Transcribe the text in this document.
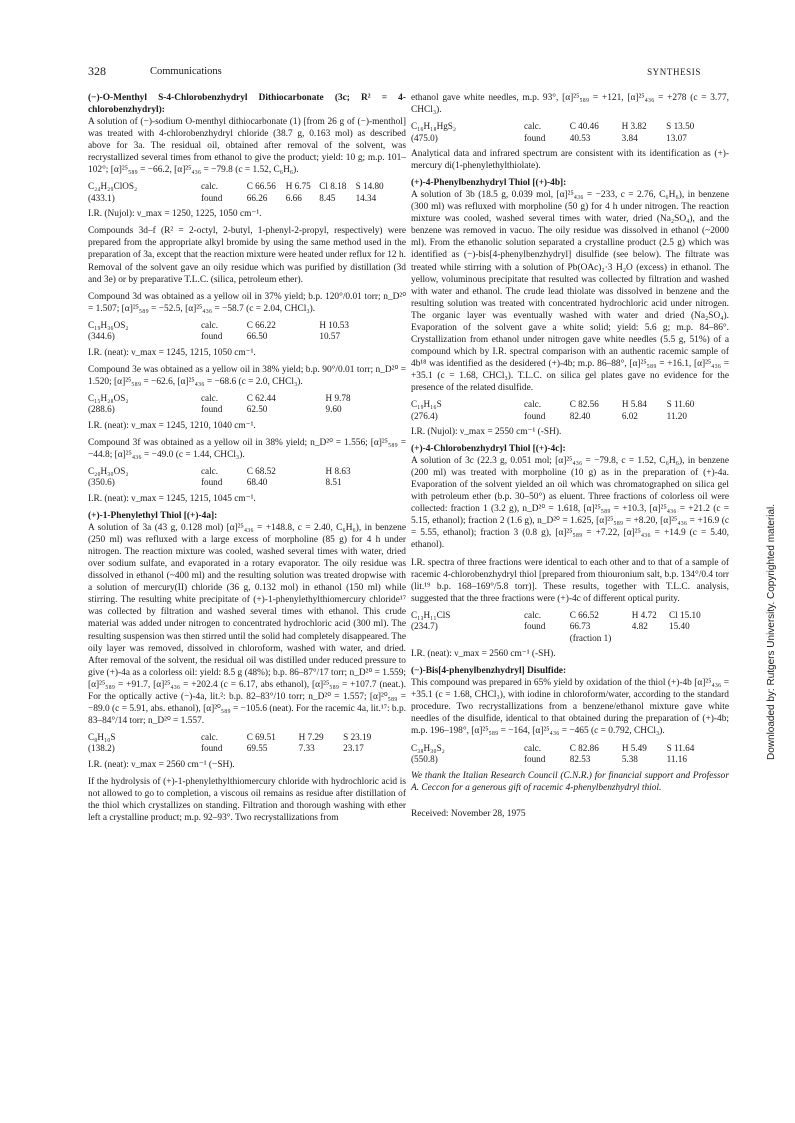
328	Communications	SYNTHESIS

(−)-O-Menthyl S-4-Chlorobenzhydryl Dithiocarbonate (3c; R² = 4-chlorobenzhydryl):

A solution of (−)-sodium O-menthyl dithiocarbonate (1) [from 26 g of (−)-menthol] was treated with 4-chlorobenzhydryl chloride (38.7 g, 0.163 mol) as described above for 3a. The residual oil, obtained after removal of the solvent, was recrystallized several times from ethanol to give the product; yield: 10 g; m.p. 101–102°; [α]²⁵₅₈₉ = −66.2, [α]²⁵₄₃₆ = −79.8 (c = 1.52, C₆H₆).

C₂₄H₂₉ClOS₂	calc.	C 66.56	H 6.75	Cl 8.18	S 14.80
(433.1)	found	66.26	6.66	8.45	14.34

I.R. (Nujol): ν_max = 1250, 1225, 1050 cm⁻¹.

Compounds 3d–f (R² = 2-octyl, 2-butyl, 1-phenyl-2-propyl, respectively) were prepared from the appropriate alkyl bromide by using the same method used in the preparation of 3a, except that the reaction mixture were heated under reflux for 12 h. Removal of the solvent gave an oily residue which was purified by distillation (3d and 3e) or by preparative T.L.C. (silica, petroleum ether).

Compound 3d was obtained as a yellow oil in 37% yield; b.p. 120°/0.01 torr; n_D²⁰ = 1.507; [α]²⁵₅₈₉ = −52.5, [α]²⁵₄₃₆ = −58.7 (c = 2.04, CHCl₃).

C₁₉H₃₆OS₂	calc.	C 66.22	H 10.53		
(344.6)	found	66.50	10.57		

I.R. (neat): ν_max = 1245, 1215, 1050 cm⁻¹.

Compound 3e was obtained as a yellow oil in 38% yield; b.p. 90°/0.01 torr; n_D²⁰ = 1.520; [α]²⁵₅₈₉ = −62.6, [α]²⁵₄₃₆ = −68.6 (c = 2.0, CHCl₃).

C₁₅H₂₈OS₂	calc.	C 62.44	H 9.78		
(288.6)	found	62.50	9.60		

I.R. (neat): ν_max = 1245, 1210, 1040 cm⁻¹.

Compound 3f was obtained as a yellow oil in 38% yield; n_D²⁰ = 1.556; [α]²⁵₅₈₉ = −44.8; [α]²⁵₄₃₆ = −49.0 (c = 1.44, CHCl₃).

C₂₀H₃₀OS₂	calc.	C 68.52	H 8.63		
(350.6)	found	68.40	8.51		

I.R. (neat): ν_max = 1245, 1215, 1045 cm⁻¹.

(+)-1-Phenylethyl Thiol [(+)-4a]:

A solution of 3a (43 g, 0.128 mol) [α]²⁵₄₃₆ = +148.8, c = 2.40, C₆H₆), in benzene (250 ml) was refluxed with a large excess of morpholine (85 g) for 4 h under nitrogen. The reaction mixture was cooled, washed several times with water, dried over sodium sulfate, and evaporated in a rotary evaporator. The oily residue was dissolved in ethanol (~400 ml) and the resulting solution was treated dropwise with a solution of mercury(II) chloride (36 g, 0.132 mol) in ethanol (150 ml) while stirring. The resulting white precipitate of (+)-1-phenylethylthiomercury chloride¹⁷ was collected by filtration and washed several times with ethanol. This crude material was added under nitrogen to concentrated hydrochloric acid (300 ml). The resulting suspension was then stirred until the solid had completely disappeared. The oily layer was removed, dissolved in chloroform, washed with water, and dried. After removal of the solvent, the residual oil was distilled under reduced pressure to give (+)-4a as a colorless oil: yield: 8.5 g (48%); b.p. 86–87°/17 torr; n_D²⁰ = 1.559; [α]²⁵₅₈₉ = +91.7, [α]²⁵₄₃₆ = +202.4 (c = 6.17, abs ethanol), [α]²⁵₅₈₉ = +107.7 (neat.). For the optically active (−)-4a, lit.²: b.p. 82–83°/10 torr; n_D²⁰ = 1.557; [α]²⁰₅₈₉ = −89.0 (c = 5.91, abs. ethanol), [α]²⁰₅₈₉ = −105.6 (neat). For the racemic 4a, lit.¹⁷: b.p. 83–84°/14 torr; n_D²⁰ = 1.557.

C₈H₁₀S	calc.	C 69.51	H 7.29	S 23.19	
(138.2)	found	69.55	7.33	23.17	

I.R. (neat): ν_max = 2560 cm⁻¹ (−SH).

If the hydrolysis of (+)-1-phenylethylthiomercury chloride with hydrochloric acid is not allowed to go to completion, a viscous oil remains as residue after distillation of the thiol which crystallizes on standing. Filtration and thorough washing with ether left a crystalline product; m.p. 92–93°. Two recrystallizations from

ethanol gave white needles, m.p. 93°, [α]²⁵₅₈₉ = +121, [α]²⁵₄₃₆ = +278 (c = 3.77, CHCl₃).

C₁₆H₁₈HgS₂	calc.	C 40.46	H 3.82	S 13.50	
(475.0)	found	40.53	3.84	13.07	

Analytical data and infrared spectrum are consistent with its identification as (+)-mercury di(1-phenylethylthiolate).

(+)-4-Phenylbenzhydryl Thiol [(+)-4b]:

A solution of 3b (18.5 g, 0.039 mol, [α]²⁵₄₃₆ = −233, c = 2.76, C₆H₆), in benzene (300 ml) was refluxed with morpholine (50 g) for 4 h under nitrogen. The reaction mixture was cooled, washed several times with water, dried (Na₂SO₄), and the benzene was removed in vacuo. The oily residue was dissolved in ethanol (~2000 ml). From the ethanolic solution separated a crystalline product (2.5 g) which was identified as (−)-bis[4-phenylbenzhydryl] disulfide (see below). The filtrate was treated while stirring with a solution of Pb(OAc)₂·3 H₂O (excess) in ethanol. The yellow, voluminous precipitate that resulted was collected by filtration and washed with water and ethanol. The crude lead thiolate was dissolved in benzene and the resulting solution was treated with concentrated hydrochloric acid under nitrogen. The organic layer was eventually washed with water and dried (Na₂SO₄). Evaporation of the solvent gave a white solid; yield: 5.6 g; m.p. 84–86°. Crystallization from ethanol under nitrogen gave white needles (5.5 g, 51%) of a compound which by I.R. spectral comparison with an authentic racemic sample of 4b¹⁸ was identified as the desidered (+)-4b; m.p. 86–88°, [α]²⁵₅₈₉ = +16.1, [α]²⁵₄₃₆ = +35.1 (c = 1.68, CHCl₃). T.L.C. on silica gel plates gave no evidence for the presence of the related disulfide.

C₁₉H₁₆S	calc.	C 82.56	H 5.84	S 11.60	
(276.4)	found	82.40	6.02	11.20	

I.R. (Nujol): ν_max = 2550 cm⁻¹ (-SH).

(+)-4-Chlorobenzhydryl Thiol [(+)-4c]:

A solution of 3c (22.3 g, 0.051 mol; [α]²⁵₄₃₆ = −79.8, c = 1.52, C₆H₆), in benzene (200 ml) was treated with morpholine (10 g) as in the preparation of (+)-4a. Evaporation of the solvent yielded an oil which was chromatographed on silica gel with petroleum ether (b.p. 30–50°) as eluent. Three fractions of colorless oil were collected: fraction 1 (3.2 g), n_D²⁰ = 1.618, [α]²⁵₅₈₉ = +10.3, [α]²⁵₄₃₆ = +21.2 (c = 5.15, ethanol); fraction 2 (1.6 g), n_D²⁰ = 1.625, [α]²⁵₅₈₉ = +8.20, [α]²⁵₄₃₆ = +16.9 (c = 5.55, ethanol); fraction 3 (0.8 g), [α]²⁵₅₈₉ = +7.22, [α]²⁵₄₃₆ = +14.9 (c = 5.40, ethanol).

I.R. spectra of three fractions were identical to each other and to that of a sample of racemic 4-chlorobenzhydryl thiol [prepared from thiouronium salt, b.p. 134°/0.4 torr (lit.¹⁹ b.p. 168–169°/5.8 torr)]. These results, together with T.L.C. analysis, suggested that the three fractions were (+)-4c of different optical purity.

C₁₃H₁₁ClS	calc.	C 66.52	H 4.72	Cl 15.10	
(234.7)	found	66.73	4.82	15.40	
		(fraction 1)			

I.R. (neat): ν_max = 2560 cm⁻¹ (-SH).

(−)-Bis[4-phenylbenzhydryl] Disulfide:

This compound was prepared in 65% yield by oxidation of the thiol (+)-4b [α]²⁵₄₃₆ = +35.1 (c = 1.68, CHCl₃), with iodine in chloroform/water, according to the standard procedure. Two recrystallizations from a benzene/ethanol mixture gave white needles of the disulfide, identical to that obtained during the preparation of (+)-4b; m.p. 196–198°, [α]²⁵₅₈₉ = −164, [α]²⁵₄₃₆ = −465 (c = 0.792, CHCl₃).

C₃₈H₃₀S₂	calc.	C 82.86	H 5.49	S 11.64	
(550.8)	found	82.53	5.38	11.16	

We thank the Italian Research Council (C.N.R.) for financial support and Professor A. Ceccon for a generous gift of racemic 4-phenylbenzhydryl thiol.

Received: November 28, 1975

Downloaded by: Rutgers University. Copyrighted material.
